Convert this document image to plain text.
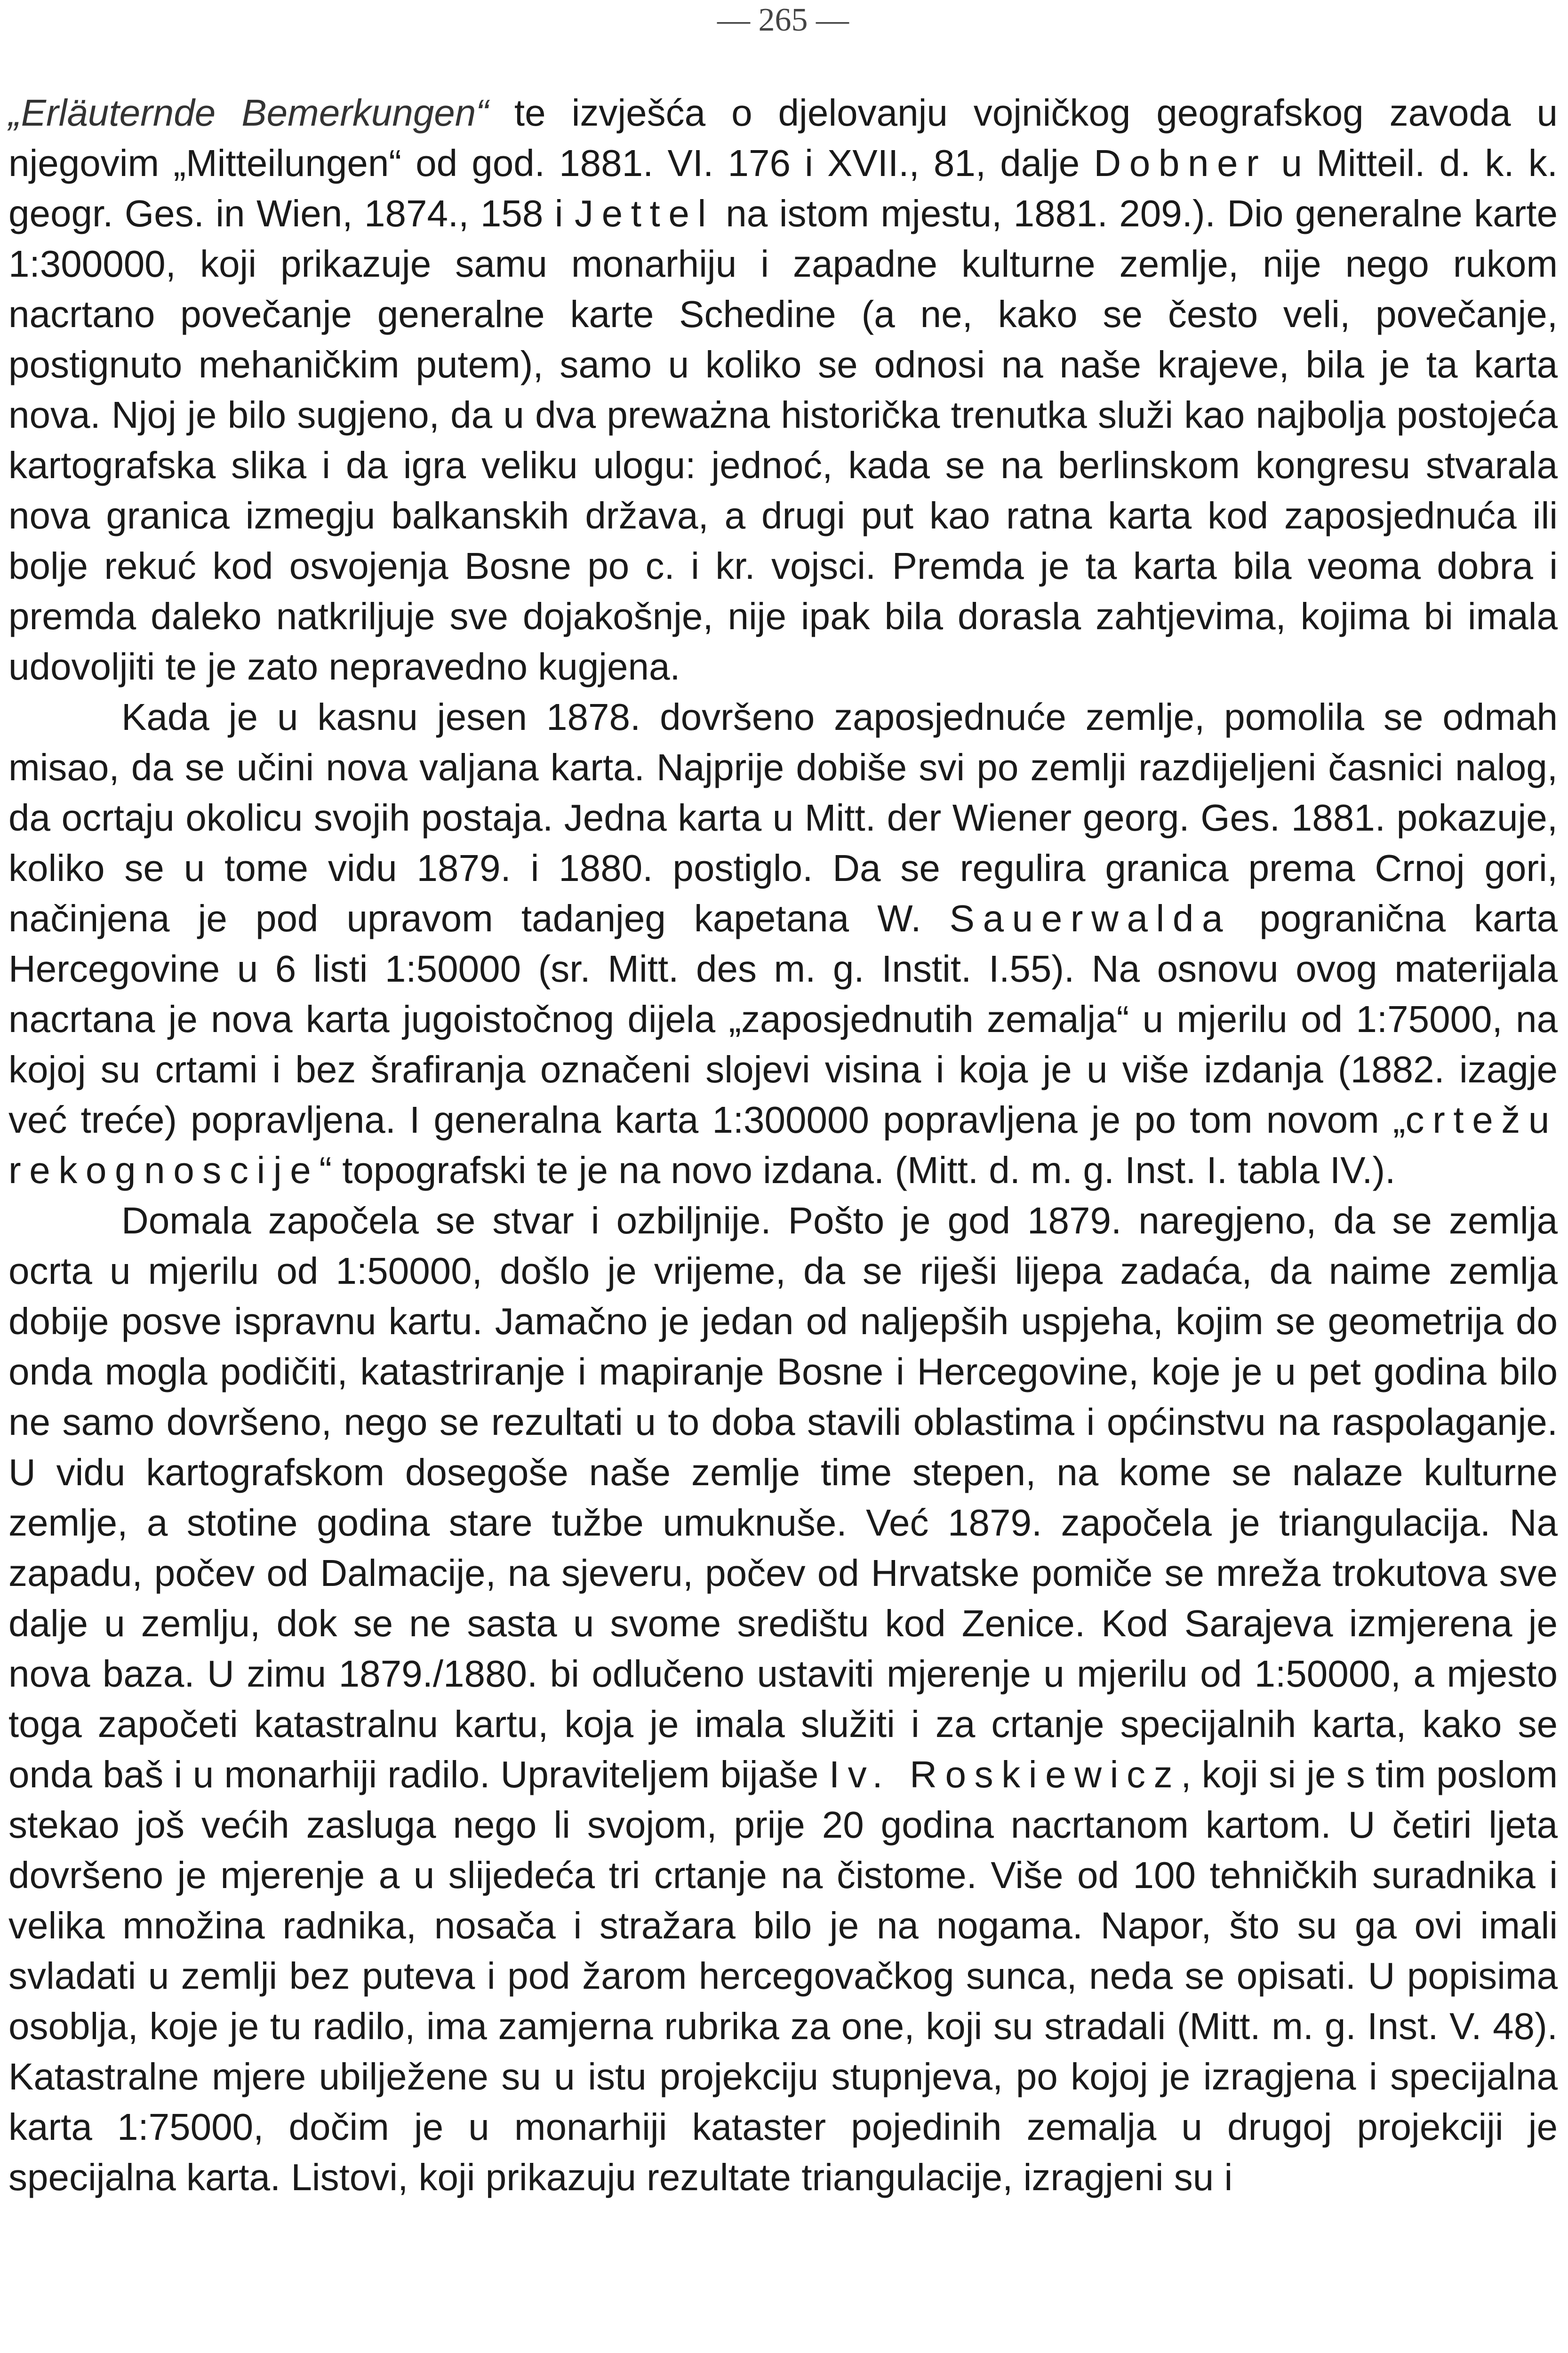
— 265 —

„Erläuternde Bemerkungen“ te izvješća o djelovanju vojničkog geografskog zavoda u njegovim „Mitteilungen“ od god. 1881. VI. 176 i XVII., 81, dalje Dobner u Mitteil. d. k. k. geogr. Ges. in Wien, 1874., 158 i Jettel na istom mjestu, 1881. 209.). Dio generalne karte 1:300000, koji prikazuje samu monarhiju i zapadne kulturne zemlje, nije nego rukom nacrtano povečanje generalne karte Schedine (a ne, kako se često veli, povečanje, postignuto mehaničkim putem), samo u koliko se odnosi na naše krajeve, bila je ta karta nova. Njoj je bilo sugjeno, da u dva preważna historička trenutka služi kao najbolja postojeća kartografska slika i da igra veliku ulogu: jednoć, kada se na berlinskom kongresu stvarala nova granica izmegju balkanskih država, a drugi put kao ratna karta kod zaposjednuća ili bolje rekuć kod osvojenja Bosne po c. i kr. vojsci. Premda je ta karta bila veoma dobra i premda daleko natkriljuje sve dojakošnje, nije ipak bila dorasla zahtjevima, kojima bi imala udovoljiti te je zato nepravedno kugjena.

Kada je u kasnu jesen 1878. dovršeno zaposjednuće zemlje, pomolila se odmah misao, da se učini nova valjana karta. Najprije dobiše svi po zemlji razdijeljeni časnici nalog, da ocrtaju okolicu svojih postaja. Jedna karta u Mitt. der Wiener georg. Ges. 1881. pokazuje, koliko se u tome vidu 1879. i 1880. postiglo. Da se regulira granica prema Crnoj gori, načinjena je pod upravom tadanjeg kapetana W. Sauerwalda pogranična karta Hercegovine u 6 listi 1:50000 (sr. Mitt. des m. g. Instit. I.55). Na osnovu ovog materijala nacrtana je nova karta jugoistočnog dijela „zaposjednutih zemalja“ u mjerilu od 1:75000, na kojoj su crtami i bez šrafiranja označeni slojevi visina i koja je u više izdanja (1882. izagje već treće) popravljena. I generalna karta 1:300000 popravljena je po tom novom „crtežu rekognoscije“ topografski te je na novo izdana. (Mitt. d. m. g. Inst. I. tabla IV.).

Domala započela se stvar i ozbiljnije. Pošto je god 1879. naregjeno, da se zemlja ocrta u mjerilu od 1:50000, došlo je vrijeme, da se riješi lijepa zadaća, da naime zemlja dobije posve ispravnu kartu. Jamačno je jedan od naljepših uspjeha, kojim se geometrija do onda mogla podičiti, katastriranje i mapiranje Bosne i Hercegovine, koje je u pet godina bilo ne samo dovršeno, nego se rezultati u to doba stavili oblastima i općinstvu na raspolaganje. U vidu kartografskom dosegoše naše zemlje time stepen, na kome se nalaze kulturne zemlje, a stotine godina stare tužbe umuknuše. Već 1879. započela je triangulacija. Na zapadu, počev od Dalmacije, na sjeveru, počev od Hrvatske pomiče se mreža trokutova sve dalje u zemlju, dok se ne sasta u svome središtu kod Zenice. Kod Sarajeva izmjerena je nova baza. U zimu 1879./1880. bi odlučeno ustaviti mjerenje u mjerilu od 1:50000, a mjesto toga započeti katastralnu kartu, koja je imala služiti i za crtanje specijalnih karta, kako se onda baš i u monarhiji radilo. Upraviteljem bijaše Iv. Roskiewicz, koji si je s tim poslom stekao još većih zasluga nego li svojom, prije 20 godina nacrtanom kartom. U četiri ljeta dovršeno je mjerenje a u slijedeća tri crtanje na čistome. Više od 100 tehničkih suradnika i velika množina radnika, nosača i stražara bilo je na nogama. Napor, što su ga ovi imali svladati u zemlji bez puteva i pod žarom hercegovačkog sunca, neda se opisati. U popisima osoblja, koje je tu radilo, ima zamjerna rubrika za one, koji su stradali (Mitt. m. g. Inst. V. 48). Katastralne mjere ubilježene su u istu projekciju stupnjeva, po kojoj je izragjena i specijalna karta 1:75000, dočim je u monarhiji kataster pojedinih zemalja u drugoj projekciji je specijalna karta. Listovi, koji prikazuju rezultate triangulacije, izragjeni su i
